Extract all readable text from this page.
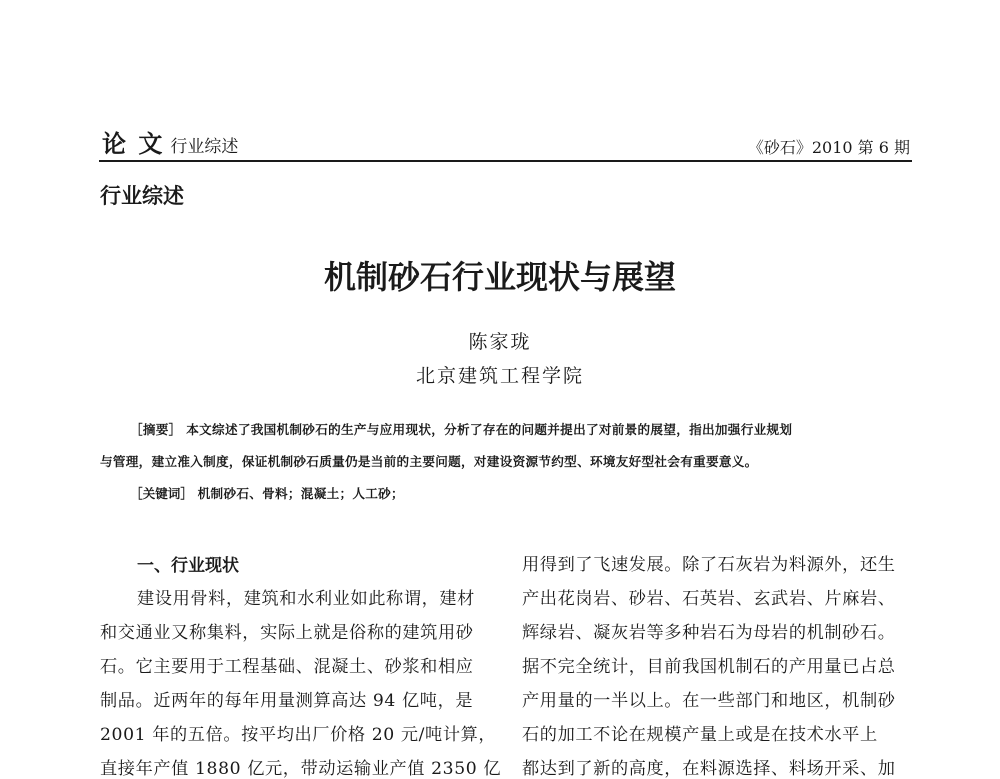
论 文 行业综述	《砂石》2010 第 6 期
行业综述
机制砂石行业现状与展望
陈家珑
北京建筑工程学院
［摘要］ 本文综述了我国机制砂石的生产与应用现状，分析了存在的问题并提出了对前景的展望，指出加强行业规划
与管理，建立准入制度，保证机制砂石质量仍是当前的主要问题，对建设资源节约型、环境友好型社会有重要意义。
［关键词］ 机制砂石、骨料；混凝土；人工砂；
一、行业现状
建设用骨料，建筑和水利业如此称谓，建材
和交通业又称集料，实际上就是俗称的建筑用砂
石。它主要用于工程基础、混凝土、砂浆和相应
制品。近两年的每年用量测算高达 94 亿吨，是
2001 年的五倍。按平均出厂价格 20 元/吨计算，
直接年产值 1880 亿元，带动运输业产值 2350 亿
用得到了飞速发展。除了石灰岩为料源外，还生
产出花岗岩、砂岩、石英岩、玄武岩、片麻岩、
辉绿岩、凝灰岩等多种岩石为母岩的机制砂石。
据不完全统计，目前我国机制石的产用量已占总
产用量的一半以上。在一些部门和地区，机制砂
石的加工不论在规模产量上或是在技术水平上
都达到了新的高度，在料源选择、料场开采、加
